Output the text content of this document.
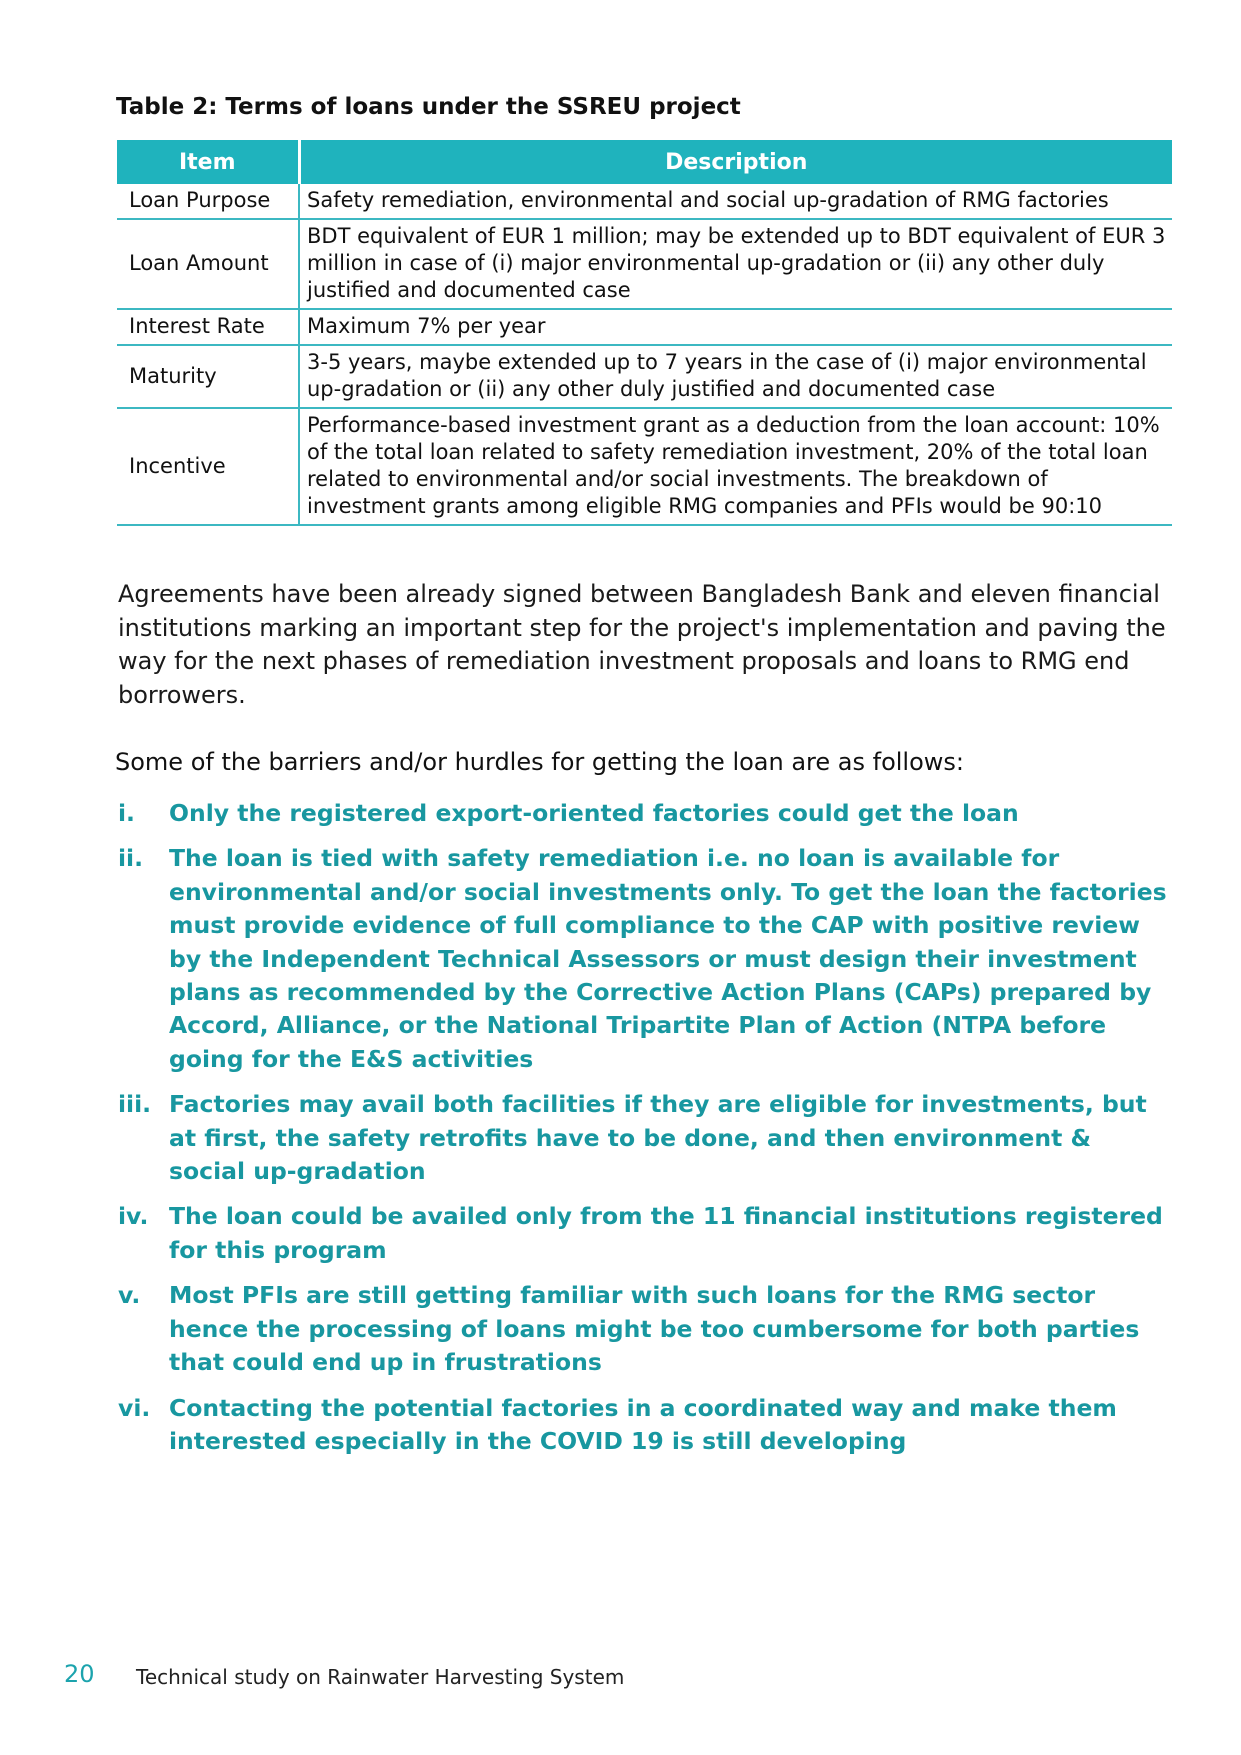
Table 2: Terms of loans under the SSREU project
Item	Description
Loan Purpose	Safety remediation, environmental and social up-gradation of RMG factories
Loan Amount	BDT equivalent of EUR 1 million; may be extended up to BDT equivalent of EUR 3 million in case of (i) major environmental up-gradation or (ii) any other duly justified and documented case
Interest Rate	Maximum 7% per year
Maturity	3-5 years, maybe extended up to 7 years in the case of (i) major environmental up-gradation or (ii) any other duly justified and documented case
Incentive	Performance-based investment grant as a deduction from the loan account: 10% of the total loan related to safety remediation investment, 20% of the total loan related to environmental and/or social investments. The breakdown of investment grants among eligible RMG companies and PFIs would be 90:10

Agreements have been already signed between Bangladesh Bank and eleven financial institutions marking an important step for the project's implementation and paving the way for the next phases of remediation investment proposals and loans to RMG end borrowers.

Some of the barriers and/or hurdles for getting the loan are as follows:
i. Only the registered export-oriented factories could get the loan
ii. The loan is tied with safety remediation i.e. no loan is available for environmental and/or social investments only. To get the loan the factories must provide evidence of full compliance to the CAP with positive review by the Independent Technical Assessors or must design their investment plans as recommended by the Corrective Action Plans (CAPs) prepared by Accord, Alliance, or the National Tripartite Plan of Action (NTPA before going for the E&S activities
iii. Factories may avail both facilities if they are eligible for investments, but at first, the safety retrofits have to be done, and then environment & social up-gradation
iv. The loan could be availed only from the 11 financial institutions registered for this program
v. Most PFIs are still getting familiar with such loans for the RMG sector hence the processing of loans might be too cumbersome for both parties that could end up in frustrations
vi. Contacting the potential factories in a coordinated way and make them interested especially in the COVID 19 is still developing
20 Technical study on Rainwater Harvesting System
